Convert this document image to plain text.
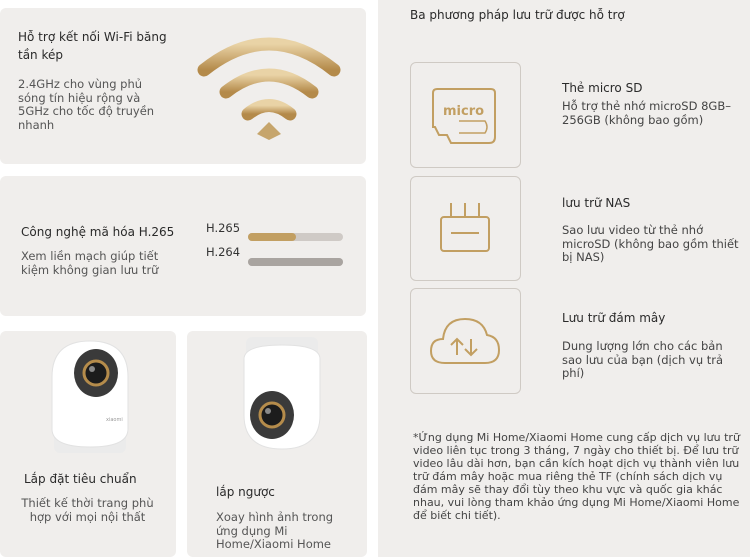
Hỗ trợ kết nối Wi-Fi băng tần kép
2.4GHz cho vùng phủ sóng tín hiệu rộng và 5GHz cho tốc độ truyền nhanh
Công nghệ mã hóa H.265
Xem liền mạch giúp tiết kiệm không gian lưu trữ
H.265
H.264
xiaomi
Lắp đặt tiêu chuẩn
Thiết kế thời trang phù hợp với mọi nội thất
lắp ngược
Xoay hình ảnh trong ứng dụng Mi Home/Xiaomi Home
Ba phương pháp lưu trữ được hỗ trợ
micro
Thẻ micro SD
Hỗ trợ thẻ nhớ microSD 8GB–256GB (không bao gồm)
lưu trữ NAS
Sao lưu video từ thẻ nhớ microSD (không bao gồm thiết bị NAS)
Lưu trữ đám mây
Dung lượng lớn cho các bản sao lưu của bạn (dịch vụ trả phí)
*Ứng dụng Mi Home/Xiaomi Home cung cấp dịch vụ lưu trữ video liên tục trong 3 tháng, 7 ngày cho thiết bị. Để lưu trữ video lâu dài hơn, bạn cần kích hoạt dịch vụ thành viên lưu trữ đám mây hoặc mua riêng thẻ TF (chính sách dịch vụ đám mây sẽ thay đổi tùy theo khu vực và quốc gia khác nhau, vui lòng tham khảo ứng dụng Mi Home/Xiaomi Home để biết chi tiết).
